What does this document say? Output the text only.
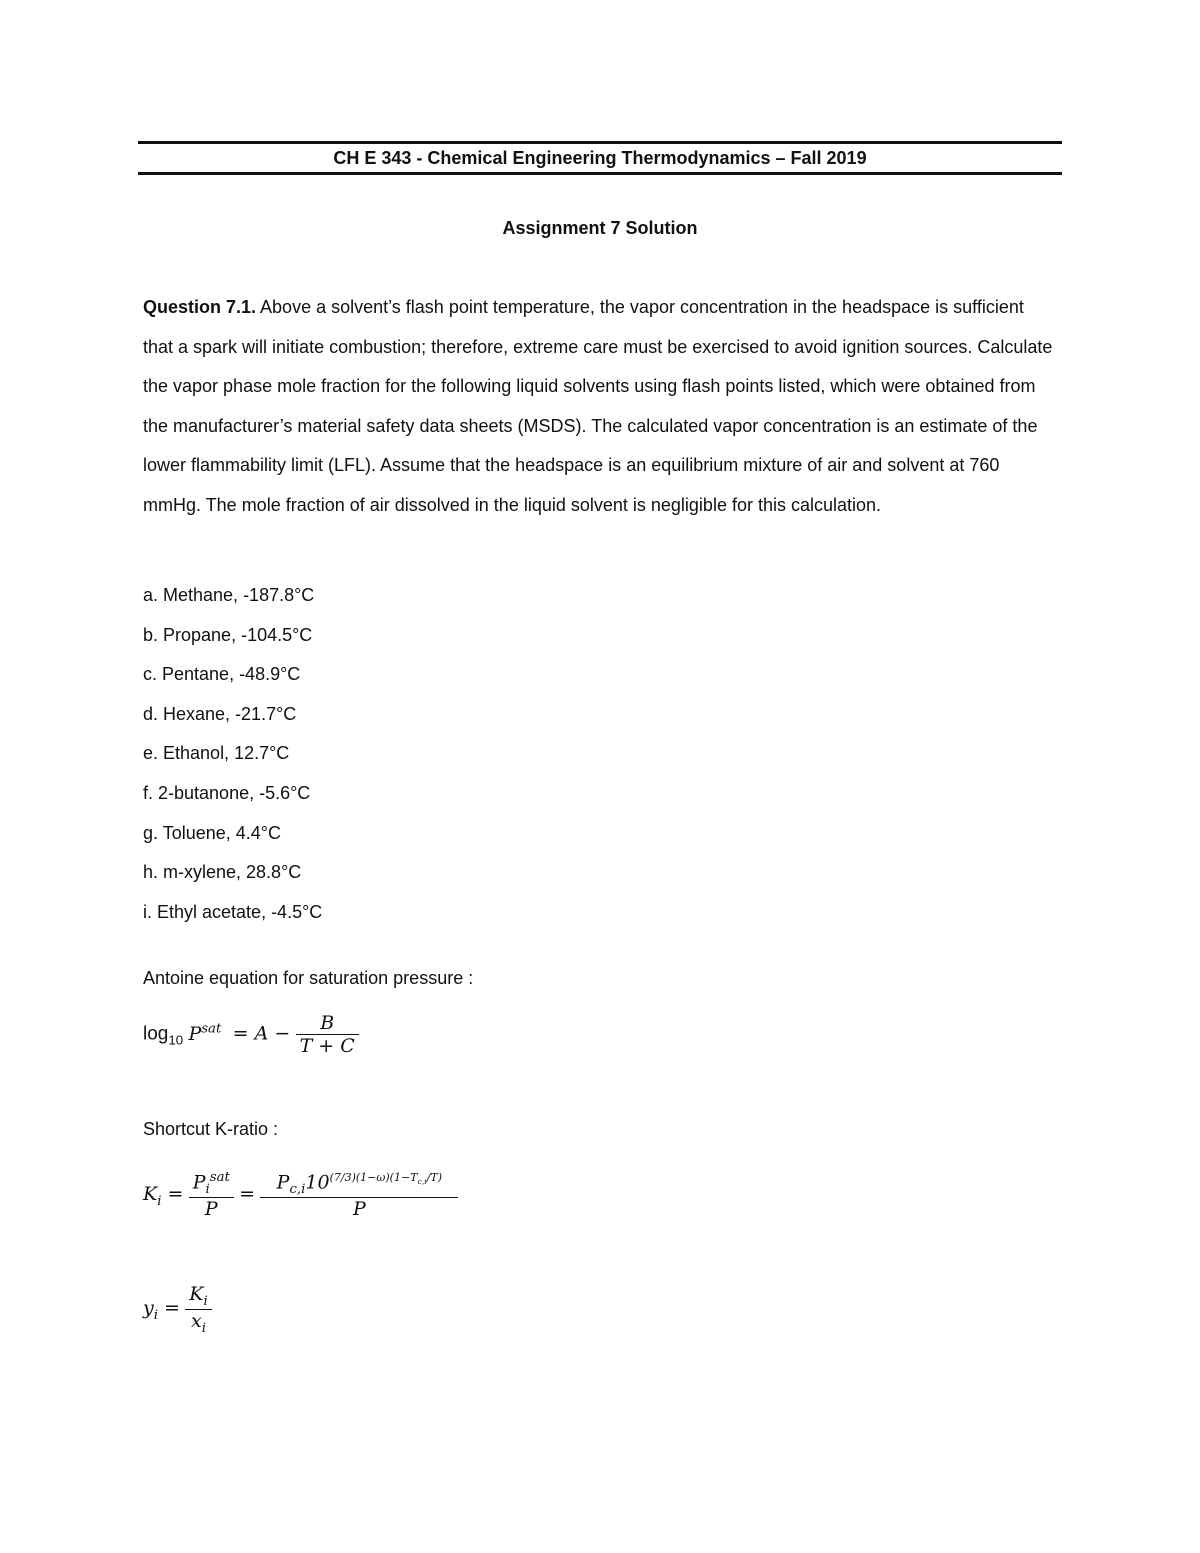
CH E 343 - Chemical Engineering Thermodynamics – Fall 2019
Assignment 7 Solution
Question 7.1. Above a solvent’s flash point temperature, the vapor concentration in the headspace is sufficient that a spark will initiate combustion; therefore, extreme care must be exercised to avoid ignition sources. Calculate the vapor phase mole fraction for the following liquid solvents using flash points listed, which were obtained from the manufacturer’s material safety data sheets (MSDS). The calculated vapor concentration is an estimate of the lower flammability limit (LFL). Assume that the headspace is an equilibrium mixture of air and solvent at 760 mmHg. The mole fraction of air dissolved in the liquid solvent is negligible for this calculation.
a. Methane, -187.8°C
b. Propane, -104.5°C
c. Pentane, -48.9°C
d. Hexane, -21.7°C
e. Ethanol, 12.7°C
f. 2-butanone, -5.6°C
g. Toluene, 4.4°C
h. m-xylene, 28.8°C
i. Ethyl acetate, -4.5°C
Antoine equation for saturation pressure :
$\log_{10} P^{sat} = A - \frac{B}{T + C}$
Shortcut K-ratio :
$K_i = \frac{P_i^{sat}}{P} = \frac{P_{c,i}10^{(7/3)(1-\omega)(1-T_{c,i}/T)}}{P}$
$y_i = \frac{K_i}{x_i}$
